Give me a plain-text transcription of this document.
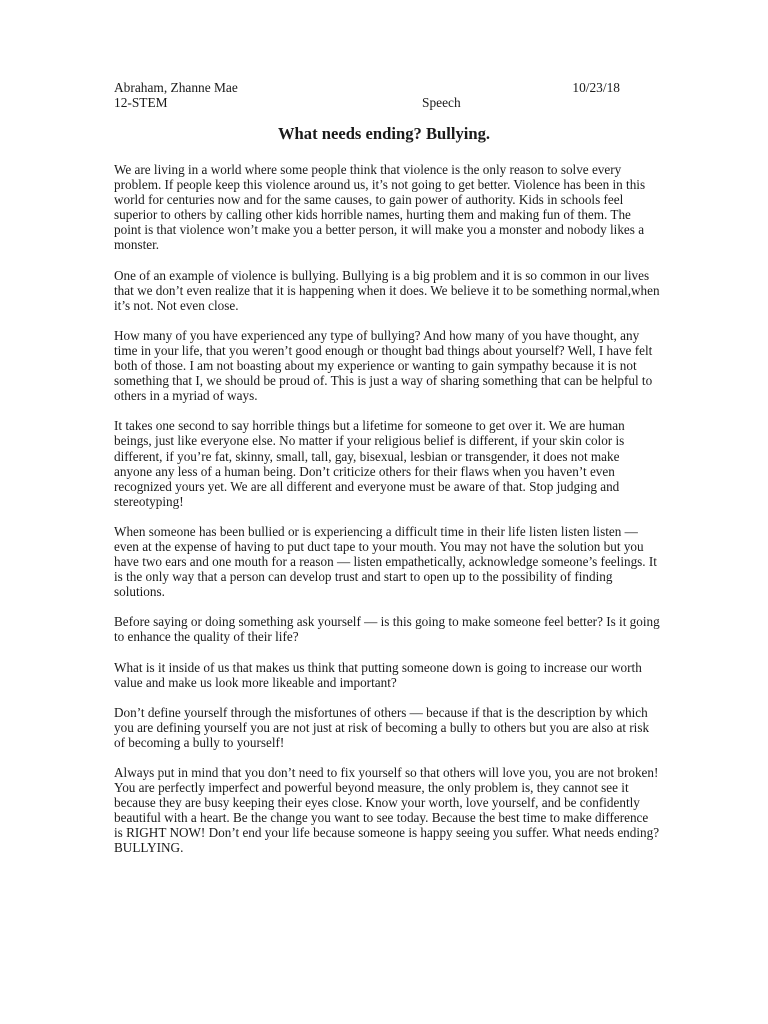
Abraham, Zhanne Mae	10/23/18
12-STEM	Speech
What needs ending? Bullying.

We are living in a world where some people think that violence is the only reason to solve every problem. If people keep this violence around us, it’s not going to get better. Violence has been in this world for centuries now and for the same causes, to gain power of authority. Kids in schools feel superior to others by calling other kids horrible names, hurting them and making fun of them. The point is that violence won’t make you a better person, it will make you a monster and nobody likes a monster.

One of an example of violence is bullying. Bullying is a big problem and it is so common in our lives that we don’t even realize that it is happening when it does. We believe it to be something normal,when it’s not. Not even close.

How many of you have experienced any type of bullying? And how many of you have thought, any time in your life, that you weren’t good enough or thought bad things about yourself? Well, I have felt both of those. I am not boasting about my experience or wanting to gain sympathy because it is not something that I, we should be proud of. This is just a way of sharing something that can be helpful to others in a myriad of ways.

It takes one second to say horrible things but a lifetime for someone to get over it. We are human beings, just like everyone else. No matter if your religious belief is different, if your skin color is different, if you’re fat, skinny, small, tall, gay, bisexual, lesbian or transgender, it does not make anyone any less of a human being. Don’t criticize others for their flaws when you haven’t even recognized yours yet. We are all different and everyone must be aware of that. Stop judging and stereotyping!

When someone has been bullied or is experiencing a difficult time in their life listen listen listen — even at the expense of having to put duct tape to your mouth. You may not have the solution but you have two ears and one mouth for a reason — listen empathetically, acknowledge someone’s feelings. It is the only way that a person can develop trust and start to open up to the possibility of finding solutions.

Before saying or doing something ask yourself — is this going to make someone feel better? Is it going to enhance the quality of their life?

What is it inside of us that makes us think that putting someone down is going to increase our worth value and make us look more likeable and important?

Don’t define yourself through the misfortunes of others — because if that is the description by which you are defining yourself you are not just at risk of becoming a bully to others but you are also at risk of becoming a bully to yourself!

Always put in mind that you don’t need to fix yourself so that others will love you, you are not broken! You are perfectly imperfect and powerful beyond measure, the only problem is, they cannot see it because they are busy keeping their eyes close. Know your worth, love yourself, and be confidently beautiful with a heart. Be the change you want to see today. Because the best time to make difference is RIGHT NOW! Don’t end your life because someone is happy seeing you suffer. What needs ending? BULLYING.
